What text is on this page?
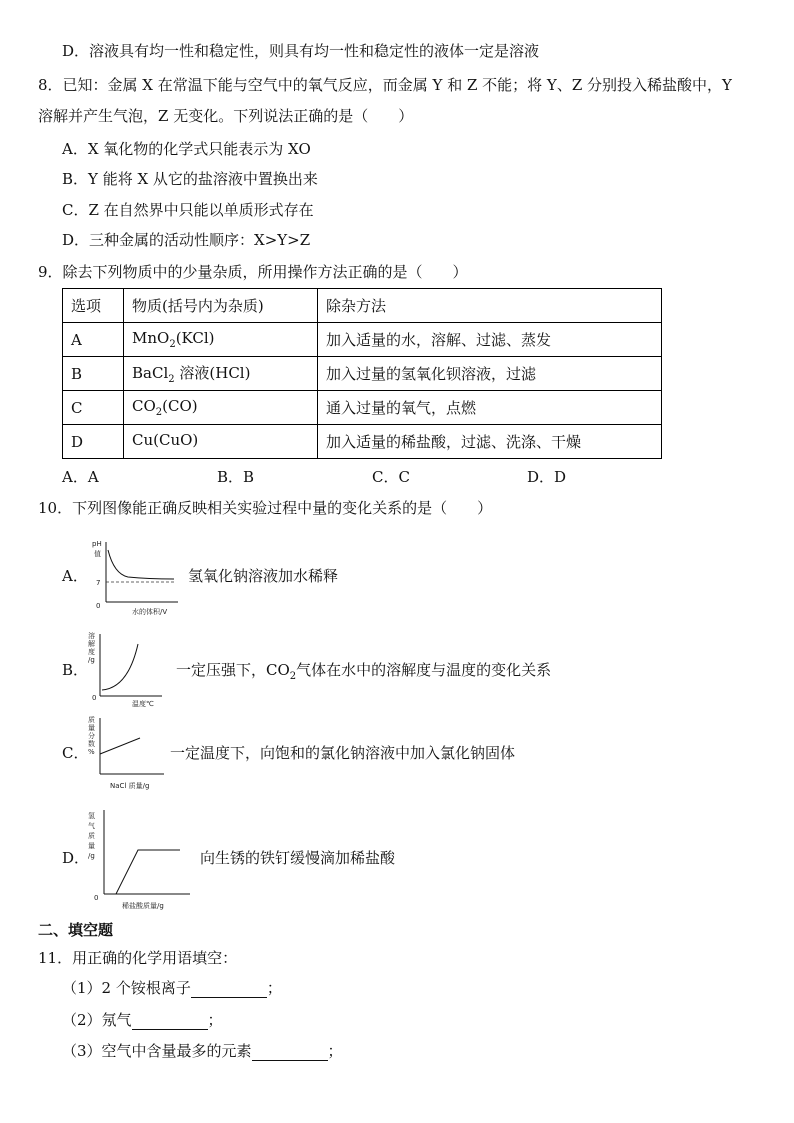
D．溶液具有均一性和稳定性，则具有均一性和稳定性的液体一定是溶液
8．已知：金属 X 在常温下能与空气中的氧气反应，而金属 Y 和 Z 不能；将 Y、Z 分别投入稀盐酸中，Y
溶解并产生气泡，Z 无变化。下列说法正确的是（　　）
A．X 氧化物的化学式只能表示为 XO
B．Y 能将 X 从它的盐溶液中置换出来
C．Z 在自然界中只能以单质形式存在
D．三种金属的活动性顺序：X>Y>Z
9．除去下列物质中的少量杂质，所用操作方法正确的是（　　）
选项	物质(括号内为杂质)	除杂方法
A	MnO$_2$(KCl)	加入适量的水，溶解、过滤、蒸发
B	BaCl$_2$ 溶液(HCl)	加入过量的氢氧化钡溶液，过滤
C	$CO_2(CO)$	通入过量的氧气，点燃
D	Cu(CuO)	加入适量的稀盐酸，过滤、洗涤、干燥
A．A	B．B	C．C	D．D
10．下列图像能正确反映相关实验过程中量的变化关系的是（　　）
A．
pH
值
7
0
水的体积/V
氢氧化钠溶液加水稀释
B．
溶
解
度
/g
0
温度℃
一定压强下，$CO_2$气体在水中的溶解度与温度的变化关系
C．
质
量
分
数
%
NaCl 质量/g
一定温度下，向饱和的氯化钠溶液中加入氯化钠固体
D．
氢
气
质
量
/g
0
稀盐酸质量/g
向生锈的铁钉缓慢滴加稀盐酸
二、填空题
11．用正确的化学用语填空：
（1）2 个铵根离子	；
（2）氖气	；
（3）空气中含量最多的元素	；
